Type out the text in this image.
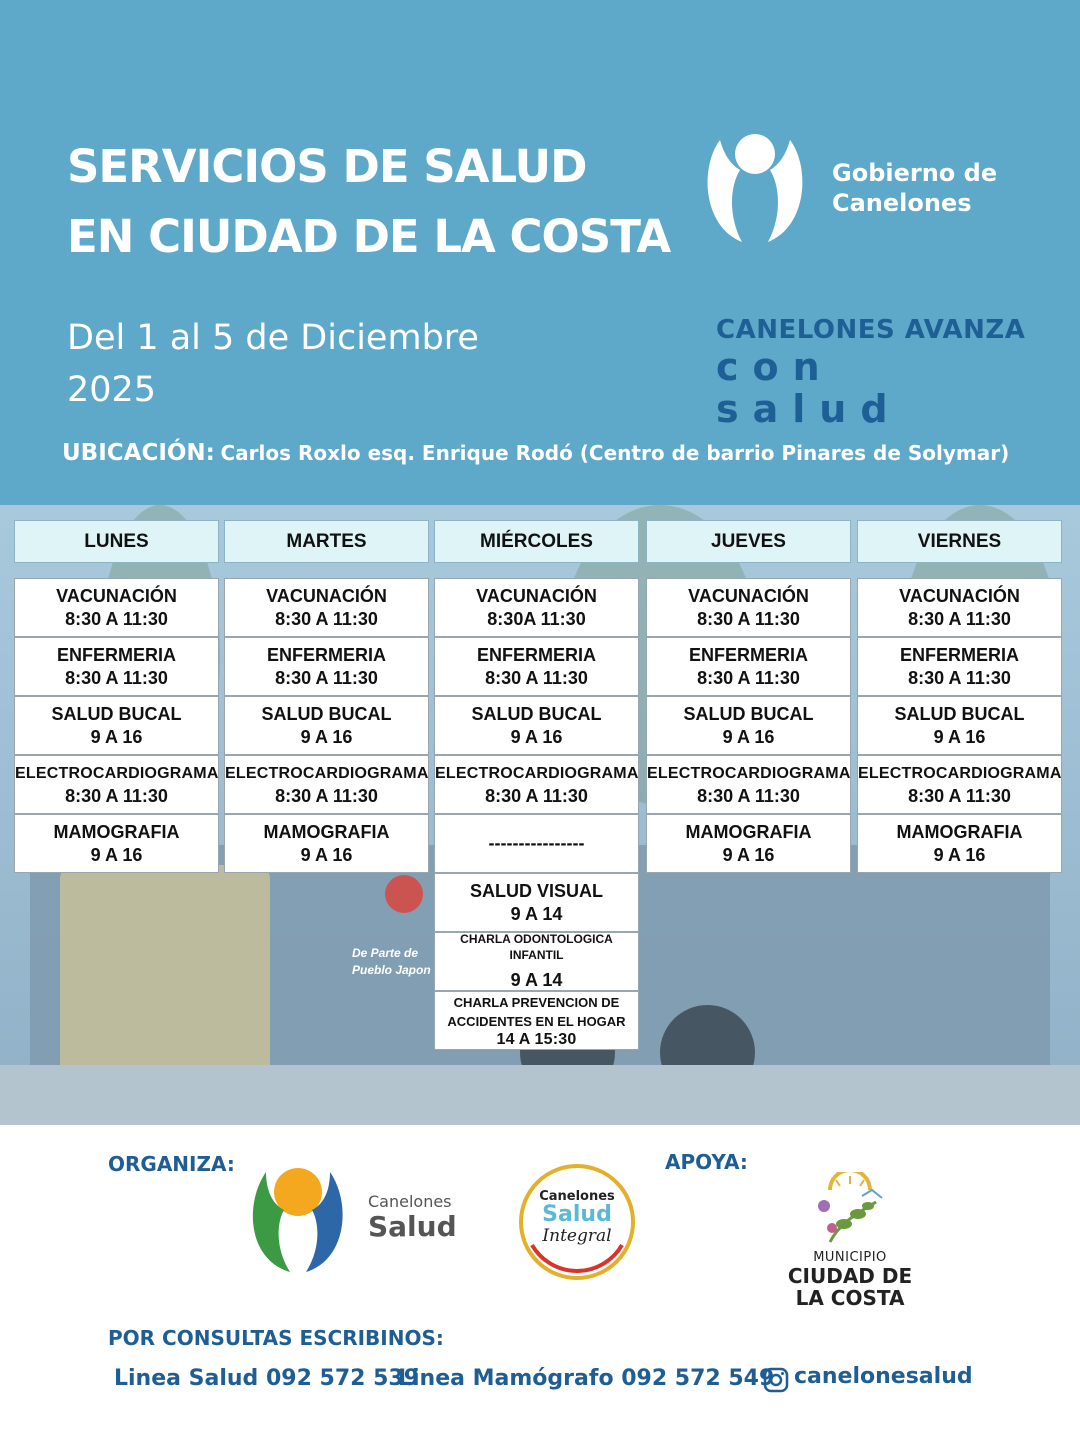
SERVICIOS DE SALUD
EN CIUDAD DE LA COSTA
Del 1 al 5 de Diciembre 2025
Gobierno de Canelones
CANELONES AVANZA
con salud
UBICACIÓN: Carlos Roxlo esq. Enrique Rodó (Centro de barrio Pinares de Solymar)
De Parte de Pueblo Japon
LUNES
VACUNACIÓN
8:30 A 11:30
ENFERMERIA
8:30 A 11:30
SALUD BUCAL
9 A 16
ELECTROCARDIOGRAMA
8:30 A 11:30
MAMOGRAFIA
9 A 16
MARTES
VACUNACIÓN
8:30 A 11:30
ENFERMERIA
8:30 A 11:30
SALUD BUCAL
9 A 16
ELECTROCARDIOGRAMA
8:30 A 11:30
MAMOGRAFIA
9 A 16
MIÉRCOLES
VACUNACIÓN
8:30A 11:30
ENFERMERIA
8:30 A 11:30
SALUD BUCAL
9 A 16
ELECTROCARDIOGRAMA
8:30 A 11:30
----------------
SALUD VISUAL
9 A 14
CHARLA ODONTOLOGICA INFANTIL
9 A 14
CHARLA PREVENCION DE ACCIDENTES EN EL HOGAR
14 A 15:30
JUEVES
VACUNACIÓN
8:30 A 11:30
ENFERMERIA
8:30 A 11:30
SALUD BUCAL
9 A 16
ELECTROCARDIOGRAMA
8:30 A 11:30
MAMOGRAFIA
9 A 16
VIERNES
VACUNACIÓN
8:30 A 11:30
ENFERMERIA
8:30 A 11:30
SALUD BUCAL
9 A 16
ELECTROCARDIOGRAMA
8:30 A 11:30
MAMOGRAFIA
9 A 16
ORGANIZA:	APOYA:
Canelones
Salud
Canelones
Salud
Integral
MUNICIPIO
CIUDAD DE LA COSTA
POR CONSULTAS ESCRIBINOS:
Linea Salud 092 572 539
Linea Mamógrafo 092 572 549 canelonesalud
